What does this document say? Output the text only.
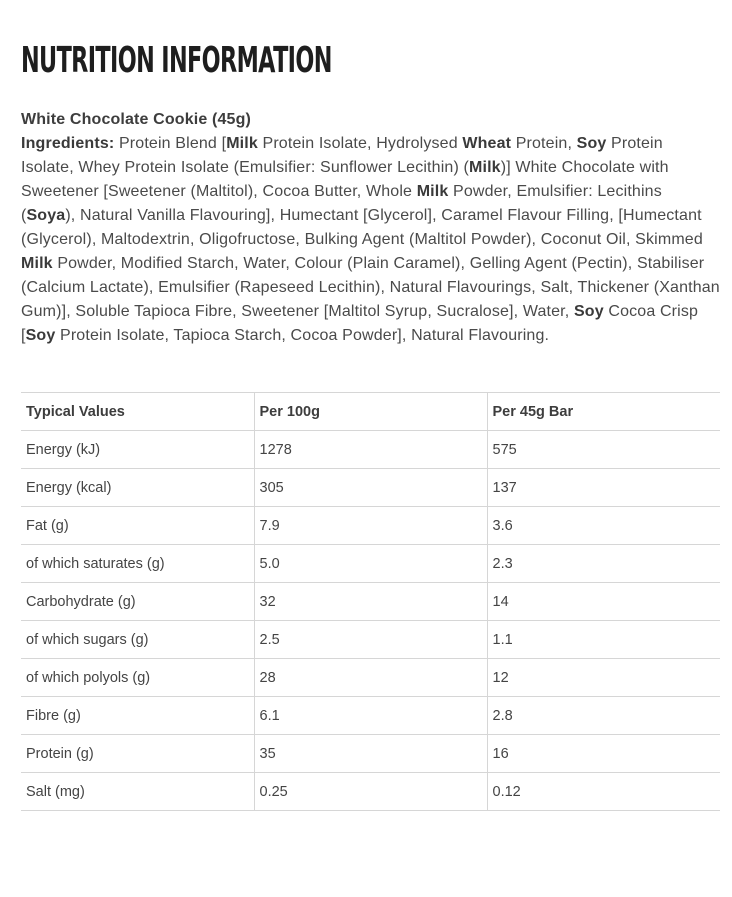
NUTRITION INFORMATION
White Chocolate Cookie (45g)
Ingredients: Protein Blend [Milk Protein Isolate, Hydrolysed Wheat Protein, Soy Protein Isolate, Whey Protein Isolate (Emulsifier: Sunflower Lecithin) (Milk)] White Chocolate with Sweetener [Sweetener (Maltitol), Cocoa Butter, Whole Milk Powder, Emulsifier: Lecithins (Soya), Natural Vanilla Flavouring], Humectant [Glycerol], Caramel Flavour Filling, [Humectant (Glycerol), Maltodextrin, Oligofructose, Bulking Agent (Maltitol Powder), Coconut Oil, Skimmed Milk Powder, Modified Starch, Water, Colour (Plain Caramel), Gelling Agent (Pectin), Stabiliser (Calcium Lactate), Emulsifier (Rapeseed Lecithin), Natural Flavourings, Salt, Thickener (Xanthan Gum)], Soluble Tapioca Fibre, Sweetener [Maltitol Syrup, Sucralose], Water, Soy Cocoa Crisp [Soy Protein Isolate, Tapioca Starch, Cocoa Powder], Natural Flavouring.
Typical Values	Per 100g	Per 45g Bar
Energy (kJ)	1278	575
Energy (kcal)	305	137
Fat (g)	7.9	3.6
of which saturates (g)	5.0	2.3
Carbohydrate (g)	32	14
of which sugars (g)	2.5	1.1
of which polyols (g)	28	12
Fibre (g)	6.1	2.8
Protein (g)	35	16
Salt (mg)	0.25	0.12
